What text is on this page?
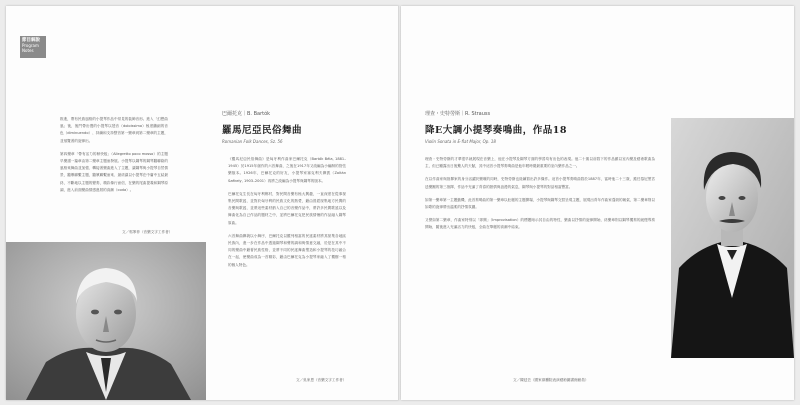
節目解說
Program
Notes

推進，帶有民族風格的小提琴作品中常見的裝飾音形。進入「幻想曲風」後，後鬥帶出慢的小提琴以琶音（doloissimo）極度纖細的音色（diminuendo）、持續和支持整首第一樂章到第二樂章的主題，並預覽著的旋律出。

第四樂章「帶有活力的稍快板」（Allegretto poco mosso）的主題早樂譜一篇章由第二樂章主題而發展。小提琴以鋼琴的鋼琴聽聯絡的風格來舞曲並加強、轉接著樂曲進入了主題，讓鋼琴與小提琴自然情景，聽眾聯繫主題，聽眾聯繫而來、最終讓以小提琴在中庸中五結最終，不斷地以主題的變奏，精彩像行而信，在樂的尾曲提義和鋼琴原調，進入前面樂曲情感進屆的高潮（coda）。

文／郭寧菲（音樂文字工作者）
巴爾托克｜B. Bartók
羅馬尼亞民俗舞曲
Romanian Folk Dances, Sz. 56

《羅馬尼亞民俗舞曲》是匈牙利作曲家巴爾托克（Bartók Béla, 1881–1945）於1915年創作的六首舞曲，之後在1917年又改編為小編制的管弦樂版本。1926年，巴爾托克的好友，小提琴家塞克利夫賽凱（Zoltán Székely, 1903–2001）再將之改編為小提琴與鋼琴的版本。

巴爾托克生長在匈牙利鄉村，對民間音樂有極大興趣，一直深度在從事採集民間歌謠，並對於匈牙利的民族文化的熱愛，藉由曾經採集地方民間的音樂與歌謠，並將這些素材納入自己的音樂作品中，將許多民間歌謠以及舞曲化為自己作品的題材之中，並將巴爾托克把民族情懷的作品融入鋼琴原曲。

六首舞曲賽貌以小舞序，巴爾托克以羅列相當的民謠素材將其採集各地區民族內，進一步在作品中透過鋼琴和聲的調和與情意交融，於是在其中不同的樂曲中藉著民族性格，並將不同的民謠舞曲塑造和小提琴的技巧融合在一起，使樂曲成為一首精彩，藉由巴爾托克為小提琴家融入了獨樹一格的個人特色。

文／吳家恩（音樂文字工作者）
理查・史特勞斯｜R. Strauss
降E大調小提琴奏鳴曲，作品18
Violin Sonata in E-flat Major, Op. 18

理查・史特勞斯的才華很早就展現在音樂上，他在小提琴及鋼琴方面的學習均有出色的表現。他二十歲以前寫下的作品雖以室內樂及藝術歌曲為主，但已顯露出日後驚人的天賦，其中這首小提琴奏鳴曲是他年輕時期最重要的室內樂作品之一。

在以作曲家與指揮家的身分活躍於樂壇的同時，史特勞斯也陸續寫出許多傑作。這首小提琴奏鳴曲寫於1887年，當時他二十三歲，擔任慕尼黑宮廷樂團的第三指揮，作品中充滿了青春的熱情與浪漫的氣息，鋼琴與小提琴的對話相當豐富。

如第一樂章第一主題動機，此首奏鳴曲的第一樂章以壯麗的主題開場，小提琴與鋼琴交替呈現主題，展現出青年作曲家蓬勃的朝氣，第二樂章則以如歌的旋律帶出溫柔的抒情氛圍。

又譬如第二樂章，作曲家特別以「即興」（Improvisation）的標題暗示其自由的特性，樂曲以抒情的旋律開始，終樂章則以鋼琴獨奏的緩慢導奏開始，隨後進入充滿活力的快板，全曲在華麗的高潮中結束。

文／陳廷芸（國家兩廳院表演藝術圖書館館員）
